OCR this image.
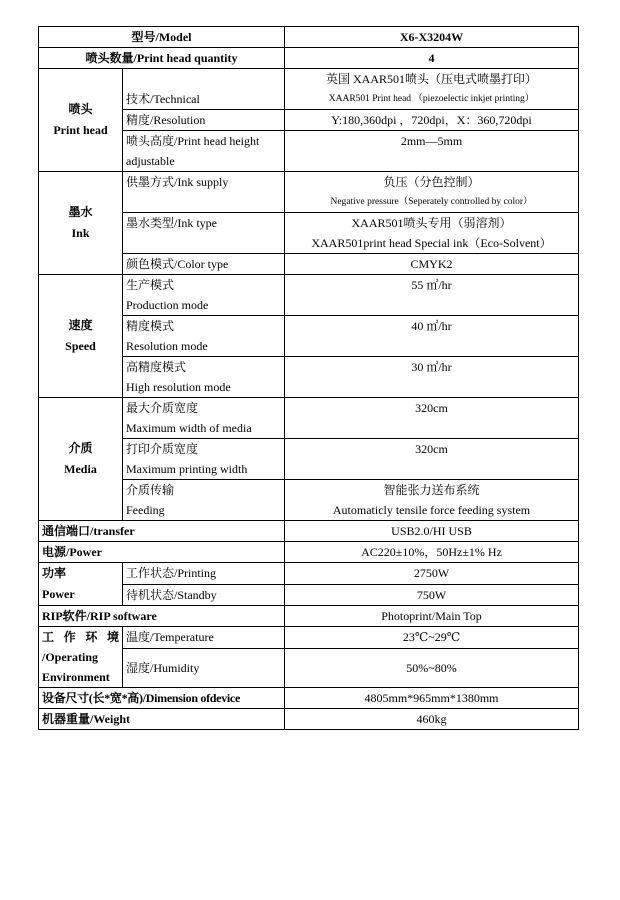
型号/Model		X6-X3204W
喷头数量/Print head quantity		4

喷头
Print head	技术/Technical	英国 XAAR501喷头（压电式喷墨打印）
XAAR501 Print head （piezoelectic inkjet printing）

	精度/Resolution	Y:180,360dpi ，720dpi，X：360,720dpi

	喷头高度/Print head height
adjustable	2mm—5mm

墨水
Ink	供墨方式/Ink supply	负压（分色控制）
Negative pressure（Seperately controlled by color）

	墨水类型/Ink type	XAAR501喷头专用（弱溶剂）
XAAR501print head Special ink（Eco-Solvent）

	颜色模式/Color type	CMYK2

速度
Speed	生产模式
Production mode	55 ㎡/hr

	精度模式
Resolution mode	40 ㎡/hr

	高精度模式
High resolution mode	30 ㎡/hr

介质
Media	最大介质宽度
Maximum width of media	320cm

	打印介质宽度
Maximum printing width	320cm

	介质传输
Feeding	智能张力送布系统
Automaticly tensile force feeding system

通信端口/transfer		USB2.0/HI USB
电源/Power		AC220±10%，50Hz±1% Hz

功率
Power	工作状态/Printing	2750W
	待机状态/Standby	750W
RIP软件/RIP software		Photoprint/Main Top

工 作 环 境
/Operating
Environment	温度/Temperature	23℃~29℃
	湿度/Humidity	50%~80%
设备尺寸(长*宽*高)/Dimension ofdevice		4805mm*965mm*1380mm
机器重量/Weight		460kg
